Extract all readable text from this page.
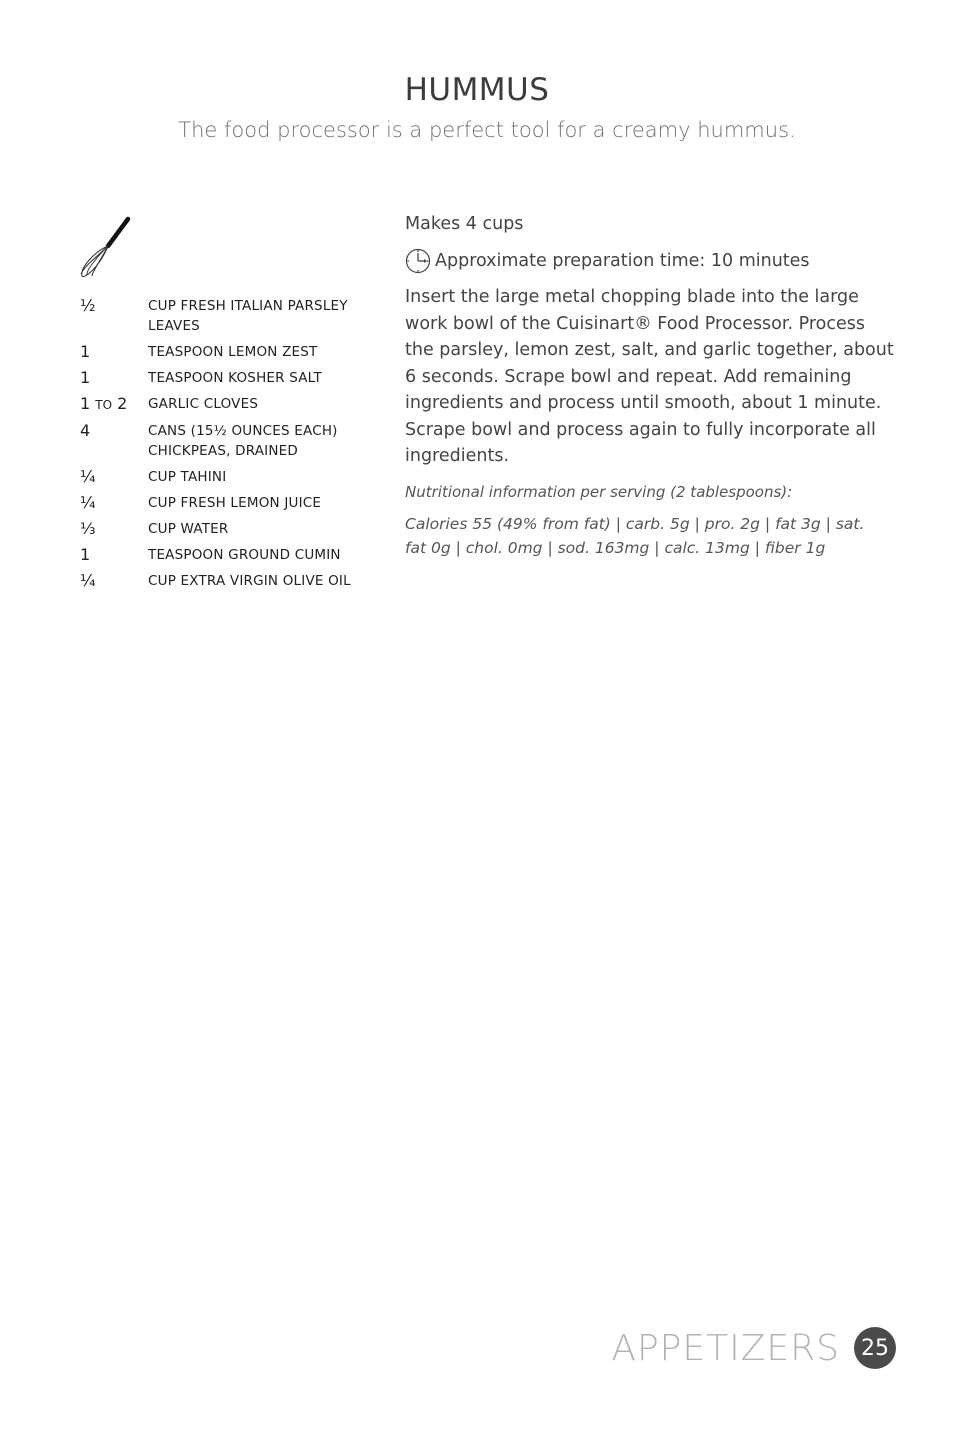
HUMMUS

The food processor is a perfect tool for a creamy hummus.

½	CUP FRESH ITALIAN PARSLEY LEAVES
1	TEASPOON LEMON ZEST
1	TEASPOON KOSHER SALT
1 TO 2	GARLIC CLOVES
4	CANS (15½ OUNCES EACH) CHICKPEAS, DRAINED
¼	CUP TAHINI
¼	CUP FRESH LEMON JUICE
⅓	CUP WATER
1	TEASPOON GROUND CUMIN
¼	CUP EXTRA VIRGIN OLIVE OIL

Makes 4 cups

Approximate preparation time: 10 minutes

Insert the large metal chopping blade into the large work bowl of the Cuisinart® Food Processor. Process the parsley, lemon zest, salt, and garlic together, about 6 seconds. Scrape bowl and repeat. Add remaining ingredients and process until smooth, about 1 minute. Scrape bowl and process again to fully incorporate all ingredients.

Nutritional information per serving (2 tablespoons):

Calories 55 (49% from fat) | carb. 5g | pro. 2g | fat 3g | sat. fat 0g | chol. 0mg | sod. 163mg | calc. 13mg | fiber 1g

APPETIZERS 25
